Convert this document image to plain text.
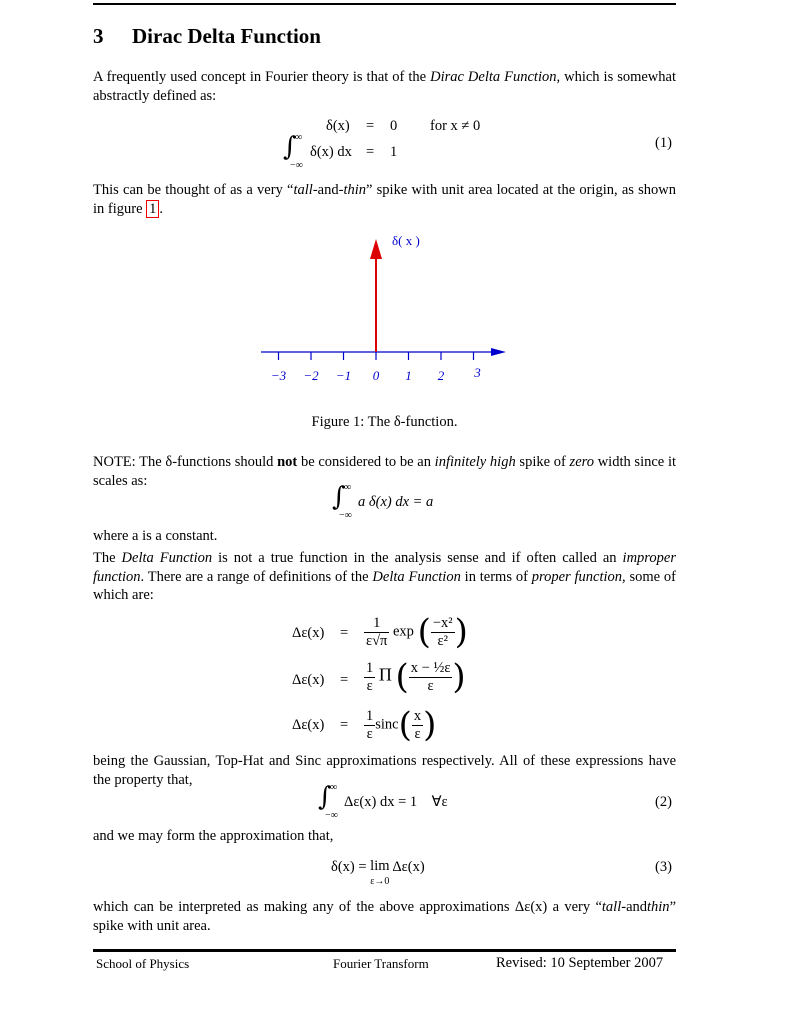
3 Dirac Delta Function
A frequently used concept in Fourier theory is that of the Dirac Delta Function, which is somewhat abstractly defined as:
δ(x) = 0 for x ≠ 0
∫
∞
−∞
δ(x) dx = 1
(1)
This can be thought of as a very “tall-and-thin” spike with unit area located at the origin, as shown in figure 1 .
−3 −2 −1 0 1 2 3
δ( x )
Figure 1: The δ-function.
NOTE: The δ-functions should not be considered to be an infinitely high spike of zero width since it scales as:
∫
∞
−∞
a δ(x) dx = a
where a is a constant.
The Delta Function is not a true function in the analysis sense and if often called an improper function. There are a range of definitions of the Delta Function in terms of proper function, some of which are:
$\Delta\varepsilon(x) = \frac{1}{\varepsilon√\pi}$ exp ( $\frac{\text{−x²}}{\text{ε²}}$ )
$\Delta\varepsilon(x) = \frac{1}{\varepsilon}$ Π ( $\frac{\text{x − ½ε}}{\varepsilon}$ )
$\Delta\varepsilon(x) = \frac{1}{\varepsilon} \sin c( \frac{x}{\varepsilon}$ )
being the Gaussian, Top-Hat and Sinc approximations respectively. All of these expressions have the property that,
∫
∞
−∞
Δε(x) dx = 1    ∀ε	(2)
and we may form the approximation that,
δ(x) = lim
ε→0 Δε(x)	(3)
which can be interpreted as making any of the above approximations Δε(x) a very “tall-andthin” spike with unit area.
School of Physics	Fourier Transform	Revised: 10 September 2007
